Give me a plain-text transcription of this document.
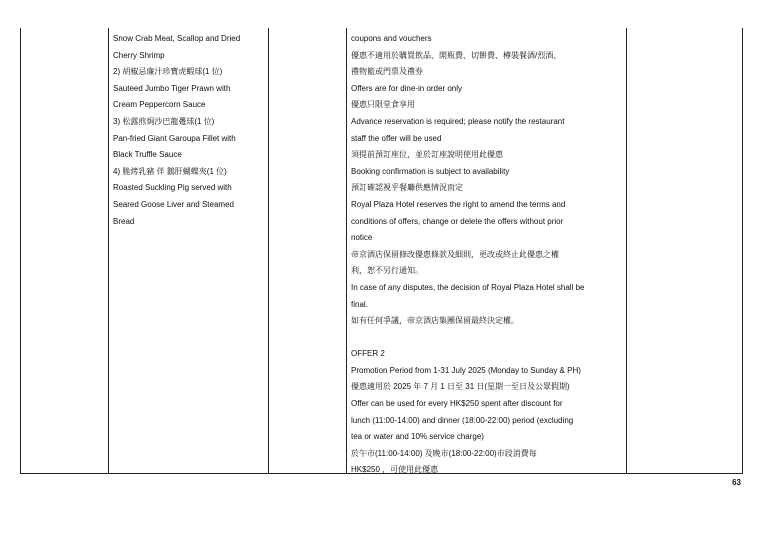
Snow Crab Meat, Scallop and Dried
Cherry Shrimp
2) 胡椒忌廉汁珍寶虎蝦球(1 位)
Sauteed Jumbo Tiger Prawn with
Cream Peppercorn Sauce
3) 松露煎焗沙巴龍躉球(1 位)
Pan-fried Giant Garoupa Fillet with
Black Truffle Sauce
4) 脆烤乳豬 伴 鵝肝蝴蝶夾(1 位)
Roasted Suckling Pig served with
Seared Goose Liver and Steamed
Bread
coupons and vouchers
優惠不適用於購買飲品、開瓶費、切餅費、樽裝餐酒/烈酒、
禮物籃或門票及禮券
Offers are for dine-in order only
優惠只限堂食享用
Advance reservation is required; please notify the restaurant
staff the offer will be used
須提前預訂座位，並於訂座說明使用此優惠
Booking confirmation is subject to availability
預訂確認視乎餐廳供應情況而定
Royal Plaza Hotel reserves the right to amend the terms and
conditions of offers, change or delete the offers without prior
notice
帝京酒店保留修改優惠條款及細則，更改或終止此優惠之權
利，恕不另行通知。
In case of any disputes, the decision of Royal Plaza Hotel shall be
final.
如有任何爭議，帝京酒店集團保留最終決定權。
OFFER 2
Promotion Period from 1-31 July 2025 (Monday to Sunday & PH)
優惠適用於 2025 年 7 月 1 日至 31 日(星期一至日及公眾假期)
Offer can be used for every HK$250 spent after discount for
lunch (11:00-14:00) and dinner (18:00-22:00) period (excluding
tea or water and 10% service charge)
於午市(11:00-14:00) 及晚市(18:00-22:00)市段消費每
HK$250 ，可使用此優惠
63
